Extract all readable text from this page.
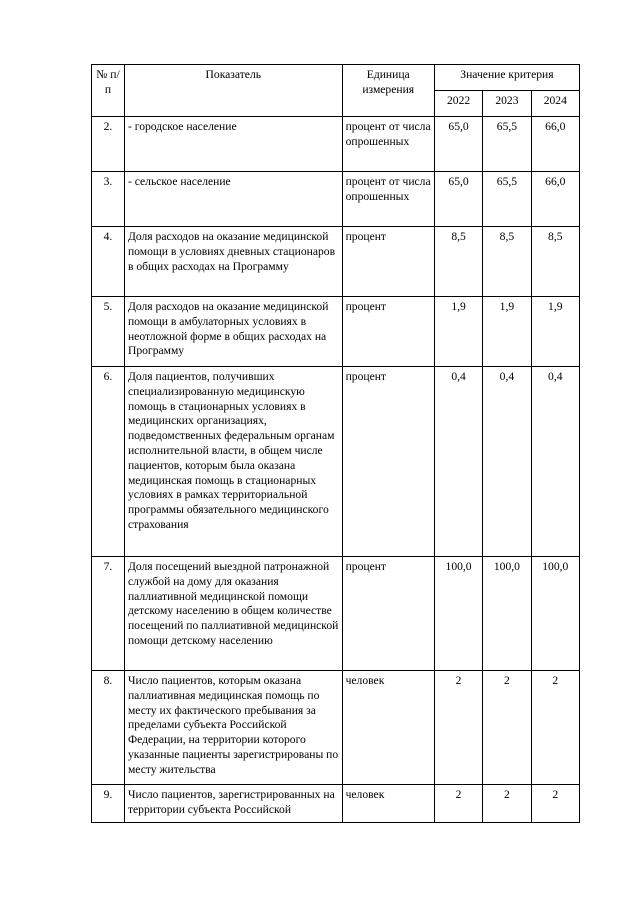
№ п/п	Показатель	Единица измерения	Значение критерия		
			2022	2023	2024
2.	- городское население	процент от числа опрошенных	65,0	65,5	66,0
3.	- сельское население	процент от числа опрошенных	65,0	65,5	66,0
4.	Доля расходов на оказание медицинской помощи в условиях дневных стационаров в общих расходах на Программу	процент	8,5	8,5	8,5
5.	Доля расходов на оказание медицинской помощи в амбулаторных условиях в неотложной форме в общих расходах на Программу	процент	1,9	1,9	1,9
6.	Доля пациентов, получивших специализированную медицинскую помощь в стационарных условиях в медицинских организациях, подведомственных федеральным органам исполнительной власти, в общем числе пациентов, которым была оказана медицинская помощь в стационарных условиях в рамках территориальной программы обязательного медицинского страхования	процент	0,4	0,4	0,4
7.	Доля посещений выездной патронажной службой на дому для оказания паллиативной медицинской помощи детскому населению в общем количестве посещений по паллиативной медицинской помощи детскому населению	процент	100,0	100,0	100,0
8.	Число пациентов, которым оказана паллиативная медицинская помощь по месту их фактического пребывания за пределами субъекта Российской Федерации, на территории которого указанные пациенты зарегистрированы по месту жительства	человек	2	2	2
9.	Число пациентов, зарегистрированных на территории субъекта Российской	человек	2	2	2
